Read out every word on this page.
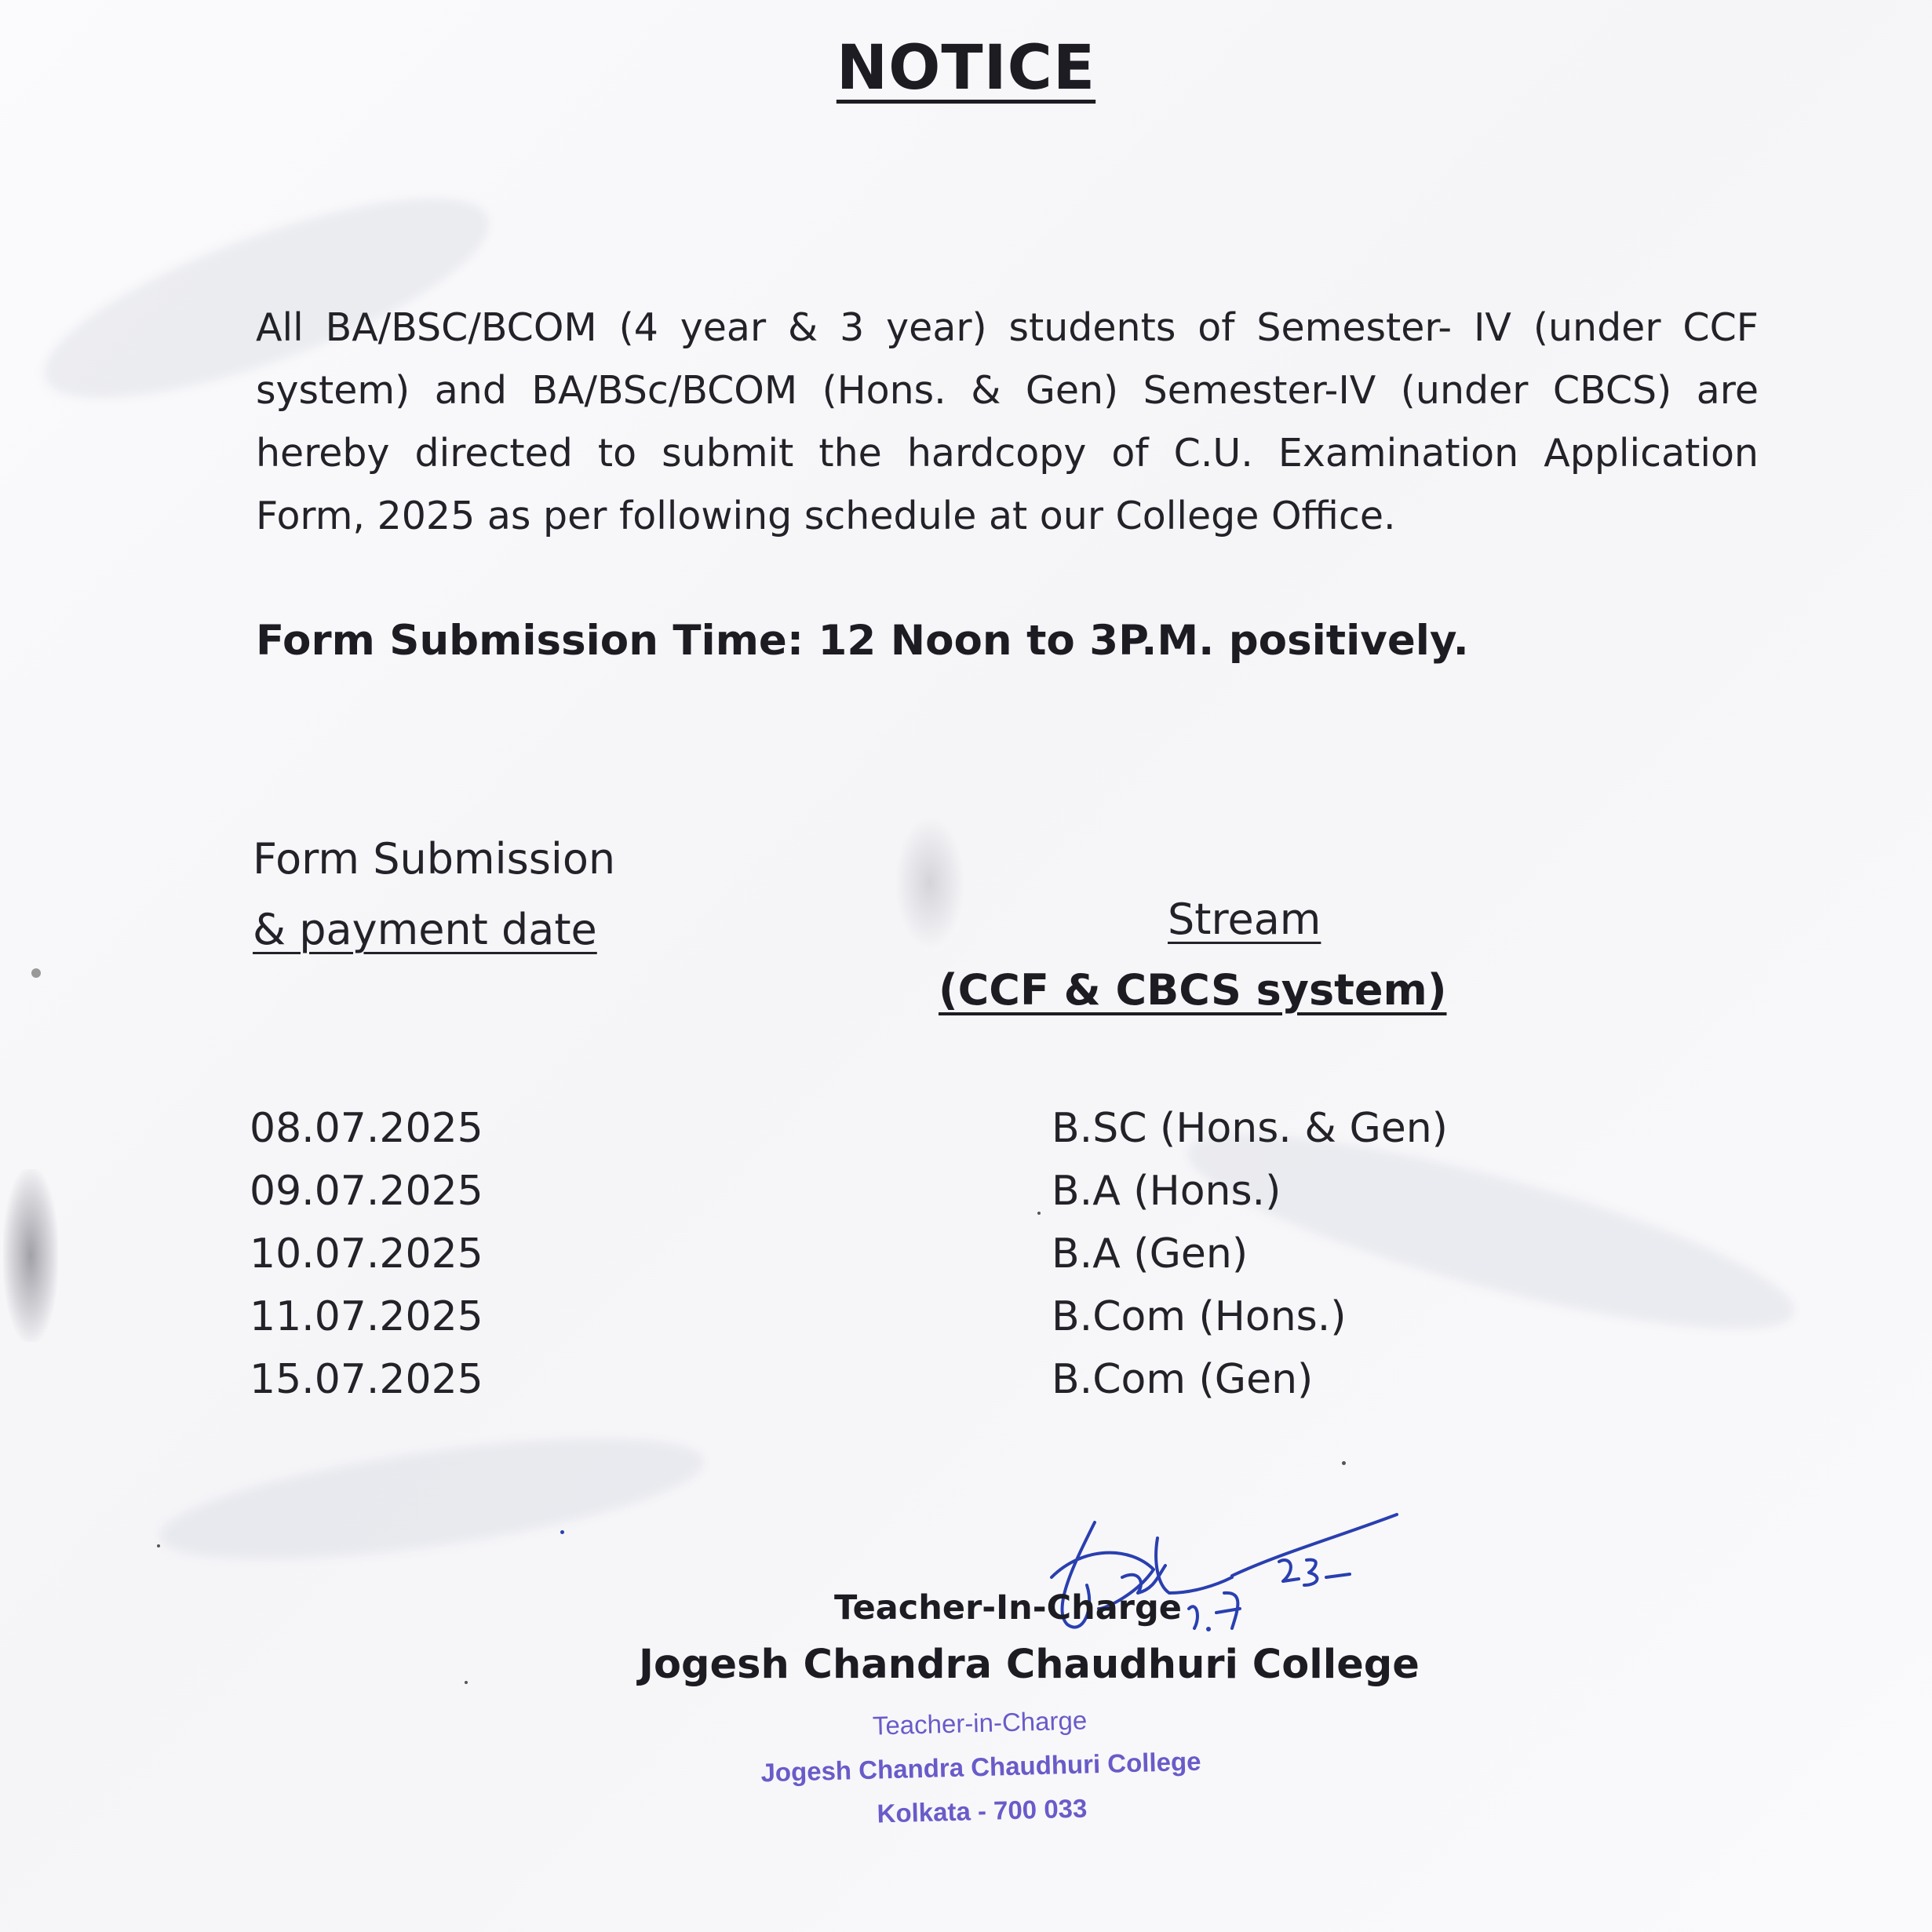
NOTICE
All BA/BSC/BCOM (4 year & 3 year) students of Semester- IV (under CCF system) and BA/BSc/BCOM (Hons. & Gen) Semester-IV (under CBCS) are hereby directed to submit the hardcopy of C.U. Examination Application Form, 2025 as per following schedule at our College Office.
Form Submission Time: 12 Noon to 3P.M. positively.
Form Submission
& payment date	Stream
(CCF & CBCS system)
08.07.2025	B.SC (Hons. & Gen)
09.07.2025	B.A (Hons.)
10.07.2025	B.A (Gen)
11.07.2025	B.Com (Hons.)
15.07.2025	B.Com (Gen)
Teacher-In-Charge
Jogesh Chandra Chaudhuri College
Teacher-in-Charge
Jogesh Chandra Chaudhuri College
Kolkata - 700 033
